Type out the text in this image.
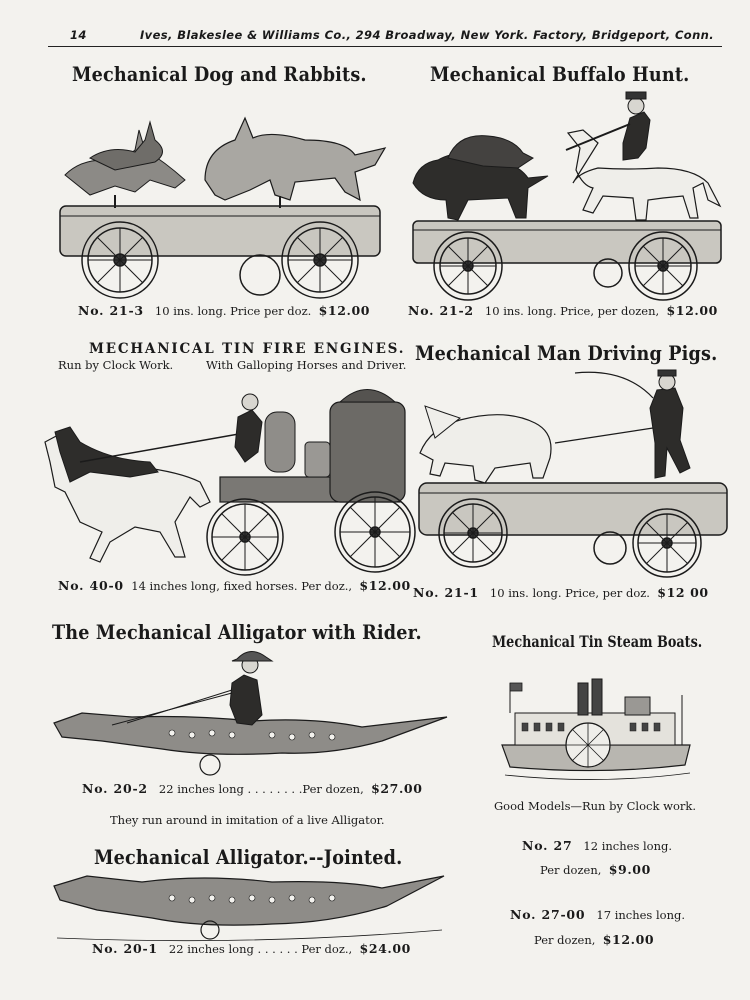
14	Ives, Blakeslee & Williams Co., 294 Broadway, New York. Factory, Bridgeport, Conn.
Mechanical Dog and Rabbits.
No. 21-3 10 ins. long. Price per doz. $12.00
Mechanical Buffalo Hunt.
No. 21-2 10 ins. long. Price, per dozen, $12.00
MECHANICAL TIN FIRE ENGINES.
Run by Clock Work.	With Galloping Horses and Driver.
No. 40-0 14 inches long, fixed horses. Per doz., $12.00
Mechanical Man Driving Pigs.
No. 21-1 10 ins. long. Price, per doz. $12 00
The Mechanical Alligator with Rider.
No. 20-2 22 inches long . . . . . . . .Per dozen, $27.00
They run around in imitation of a live Alligator.
Mechanical Tin Steam Boats.
Good Models—Run by Clock work.
No. 27 12 inches long.
Per dozen, $9.00
No. 27-00 17 inches long.
Per dozen, $12.00
Mechanical Alligator.--Jointed.
No. 20-1 22 inches long . . . . . . Per doz., $24.00
